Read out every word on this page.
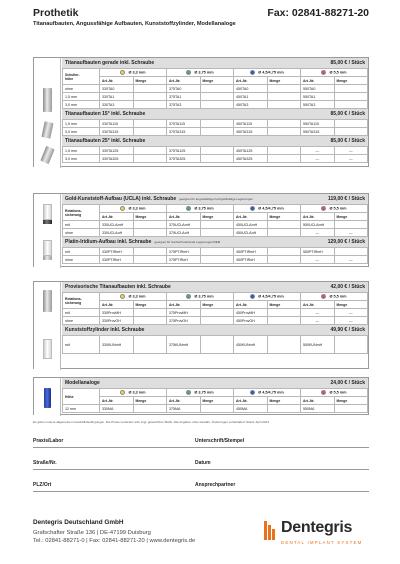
Prothetik	Fax: 02841-88271-20
Titanaufbauten, Angussfähige Aufbauten, Kunststoffzylinder, Modellanaloge
Titanaufbauten gerade inkl. Schraube	85,00 € / Stück
Schulter-
höhe	Ø 3,3 mm		Ø 3,75 mm		Ø 4,5/4,75 mm		Ø 5,5 mm	
	Art.-Nr.	Menge	Art.-Nr.	Menge	Art.-Nr.	Menge	Art.-Nr.	Menge
ohne	330TA0		375TA0		450TA0		550TA0	
1,5 mm	330TA1		375TA1		450TA1		550TA1	
3,0 mm	330TA3		375TA3		450TA3		550TA3	
Titanaufbauten 15° inkl. Schraube	85,00 € / Stück
1,5 mm	330TA115		375TA115		450TA115		550TA115	
3,0 mm	330TA315		375TA315		450TA315		550TA315	
Titanaufbauten 25° inkl. Schraube	85,00 € / Stück
1,5 mm	330TA125		375TA125		450TA125		—	—
3,0 mm	330TA325		375TA325		450TA325		—	—
Gold-Kunststoff-Aufbau (UCLA) inkl. Schraube geeignet für angussfähige hochgoldhaltige Legierungen	119,00 € / Stück
Rotations-
sicherung	Ø 3,3 mm		Ø 3,75 mm		Ø 4,5/4,75 mm		Ø 5,5 mm	
	Art.-Nr.	Menge	Art.-Nr.	Menge	Art.-Nr.	Menge	Art.-Nr.	Menge
mit	330UCLAmH		375UCLAmH		450UCLAmH		550UCLAmH	
ohne	330UCLAoH		375UCLAoH		450UCLAoH		—	—
Platin-Iridium-Aufbau inkl. Schraube geeignet für hochschmelzende Legierungen/NEM	129,00 € / Stück
mit	330PTIRmH		375PTIRmH		450PTIRmH		550PTIRmH	
ohne	330PTIRoH		375PTIRoH		450PTIRoH		—	—
Provisorische Titanaufbauten inkl. Schraube	42,00 € / Stück
Rotations-
sicherung	Ø 3,3 mm		Ø 3,75 mm		Ø 4,5/4,75 mm		Ø 5,5 mm	
	Art.-Nr.	Menge	Art.-Nr.	Menge	Art.-Nr.	Menge	Art.-Nr.	Menge
mit	330ProvMH		375ProvMH		450ProvMH		—	—
ohne	330ProvOH		375ProvOH		450ProvOH		—	—
Kunststoffzylinder inkl. Schraube	49,90 € / Stück
mit	330KUNmH		375KUNmH		450KUNmH		550KUNmH	
Modellanaloge	24,00 € / Stück
Höhe	Ø 3,3 mm		Ø 3,75 mm		Ø 4,5/4,75 mm		Ø 5,5 mm	
	Art.-Nr.	Menge	Art.-Nr.	Menge	Art.-Nr.	Menge	Art.-Nr.	Menge
12 mm	330MA		375MA		450MA		550MA	
Es gelten unsere allgemeinen Geschäftsbedingungen. Die Preise verstehen sich zzgl. gesetzlicher MwSt. Alle Angaben ohne Gewähr, Änderungen vorbehalten! Stand: April 2013
Praxis/Labor	Unterschrift/Stempel
Straße/Nr.	Datum
PLZ/Ort	Ansprechpartner
Dentegris Deutschland GmbH
Grafschafter Straße 136 | DE-47199 Duisburg
Tel.: 02841-88271-0 | Fax: 02841-88271-20 | www.dentegris.de
Dentegris
DENTAL IMPLANT SYSTEM
